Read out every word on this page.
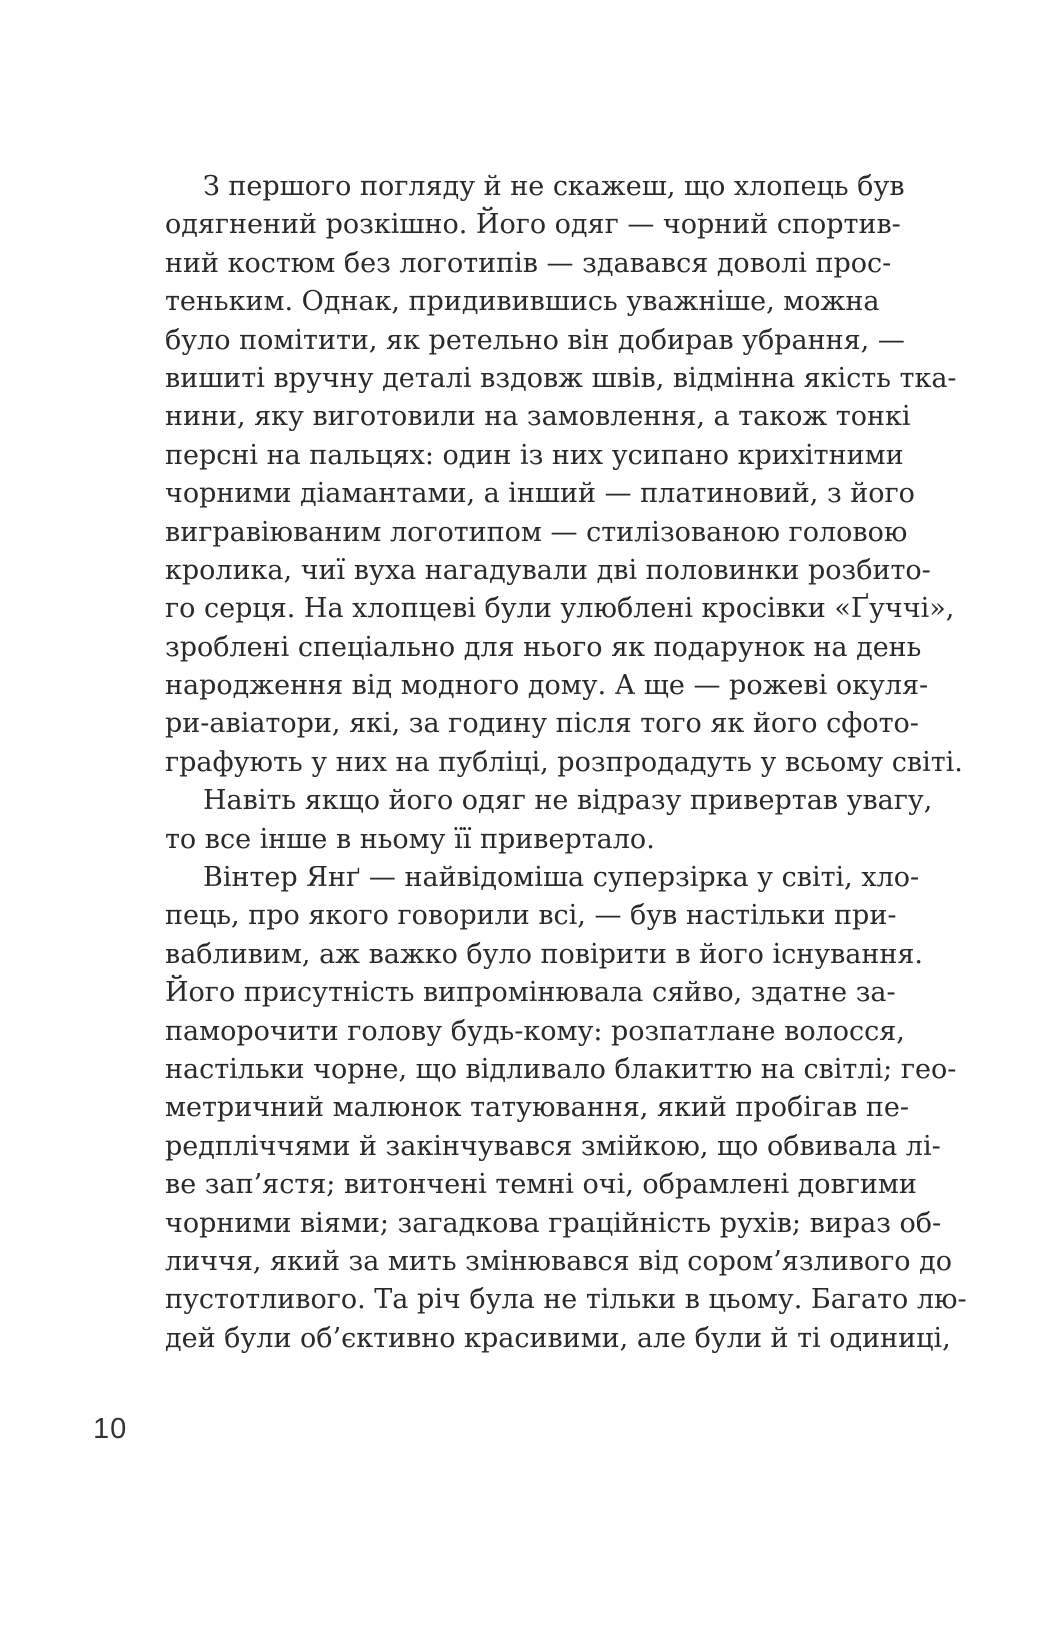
З першого погляду й не скажеш, що хлопець був
одягнений розкішно. Його одяг — чорний спортив-
ний костюм без логотипів — здавався доволі прос-
теньким. Однак, придивившись уважніше, можна
було помітити, як ретельно він добирав убрання, —
вишиті вручну деталі вздовж швів, відмінна якість тка-
нини, яку виготовили на замовлення, а також тонкі
персні на пальцях: один із них усипано крихітними
чорними діамантами, а інший — платиновий, з його
вигравіюваним логотипом — стилізованою головою
кролика, чиї вуха нагадували дві половинки розбито-
го серця. На хлопцеві були улюблені кросівки «Ґуччі»,
зроблені спеціально для нього як подарунок на день
народження від модного дому. А ще — рожеві окуля-
ри-авіатори, які, за годину після того як його сфото-
графують у них на публіці, розпродадуть у всьому світі.
Навіть якщо його одяг не відразу привертав увагу,
то все інше в ньому її привертало.
Вінтер Янґ — найвідоміша суперзірка у світі, хло-
пець, про якого говорили всі, — був настільки при-
вабливим, аж важко було повірити в його існування.
Його присутність випромінювала сяйво, здатне за-
паморочити голову будь-кому: розпатлане волосся,
настільки чорне, що відливало блакиттю на світлі; гео-
метричний малюнок татуювання, який пробігав пе-
редпліччями й закінчувався змійкою, що обвивала лі-
ве зап’ястя; витончені темні очі, обрамлені довгими
чорними віями; загадкова грацiйність рухів; вираз об-
личчя, який за мить змінювався від сором’язливого до
пустотливого. Та річ була не тільки в цьому. Багато лю-
дей були об’єктивно красивими, але були й ті одиниці,
10
